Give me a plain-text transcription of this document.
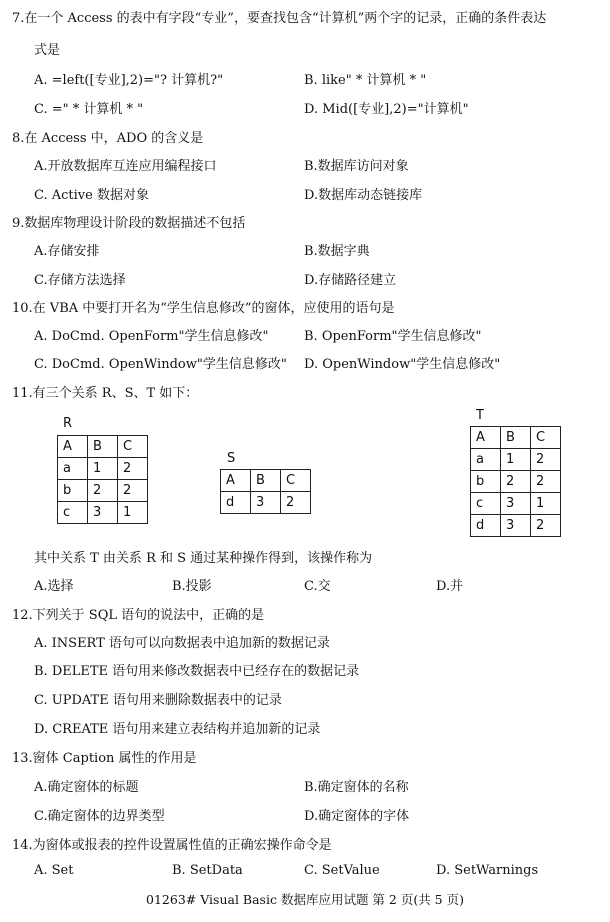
7.在一个 Access 的表中有字段“专业”，要查找包含“计算机”两个字的记录，正确的条件表达
式是
A. =left([专业],2)="? 计算机?"	B. like" * 计算机 * "
C. =" * 计算机 * "	D. Mid([专业],2)="计算机"
8.在 Access 中，ADO 的含义是
A.开放数据库互连应用编程接口	B.数据库访问对象
C. Active 数据对象	D.数据库动态链接库
9.数据库物理设计阶段的数据描述不包括
A.存储安排	B.数据字典
C.存储方法选择	D.存储路径建立
10.在 VBA 中要打开名为“学生信息修改”的窗体，应使用的语句是
A. DoCmd. OpenForm"学生信息修改"	B. OpenForm"学生信息修改"
C. DoCmd. OpenWindow"学生信息修改" D. OpenWindow"学生信息修改"
11.有三个关系 R、S、T 如下：
R
A	B	C
a	1	2
b	2	2
c	3	1
S
A	B	C
d	3	2
T
A	B	C
a	1	2
b	2	2
c	3	1
d	3	2
其中关系 T 由关系 R 和 S 通过某种操作得到，该操作称为
A.选择	B.投影	C.交	D.并
12.下列关于 SQL 语句的说法中，正确的是
A. INSERT 语句可以向数据表中追加新的数据记录
B. DELETE 语句用来修改数据表中已经存在的数据记录
C. UPDATE 语句用来删除数据表中的记录
D. CREATE 语句用来建立表结构并追加新的记录
13.窗体 Caption 属性的作用是
A.确定窗体的标题	B.确定窗体的名称
C.确定窗体的边界类型	D.确定窗体的字体
14.为窗体或报表的控件设置属性值的正确宏操作命令是
A. Set	B. SetData	C. SetValue	D. SetWarnings
01263# Visual Basic 数据库应用试题 第 2 页(共 5 页)
